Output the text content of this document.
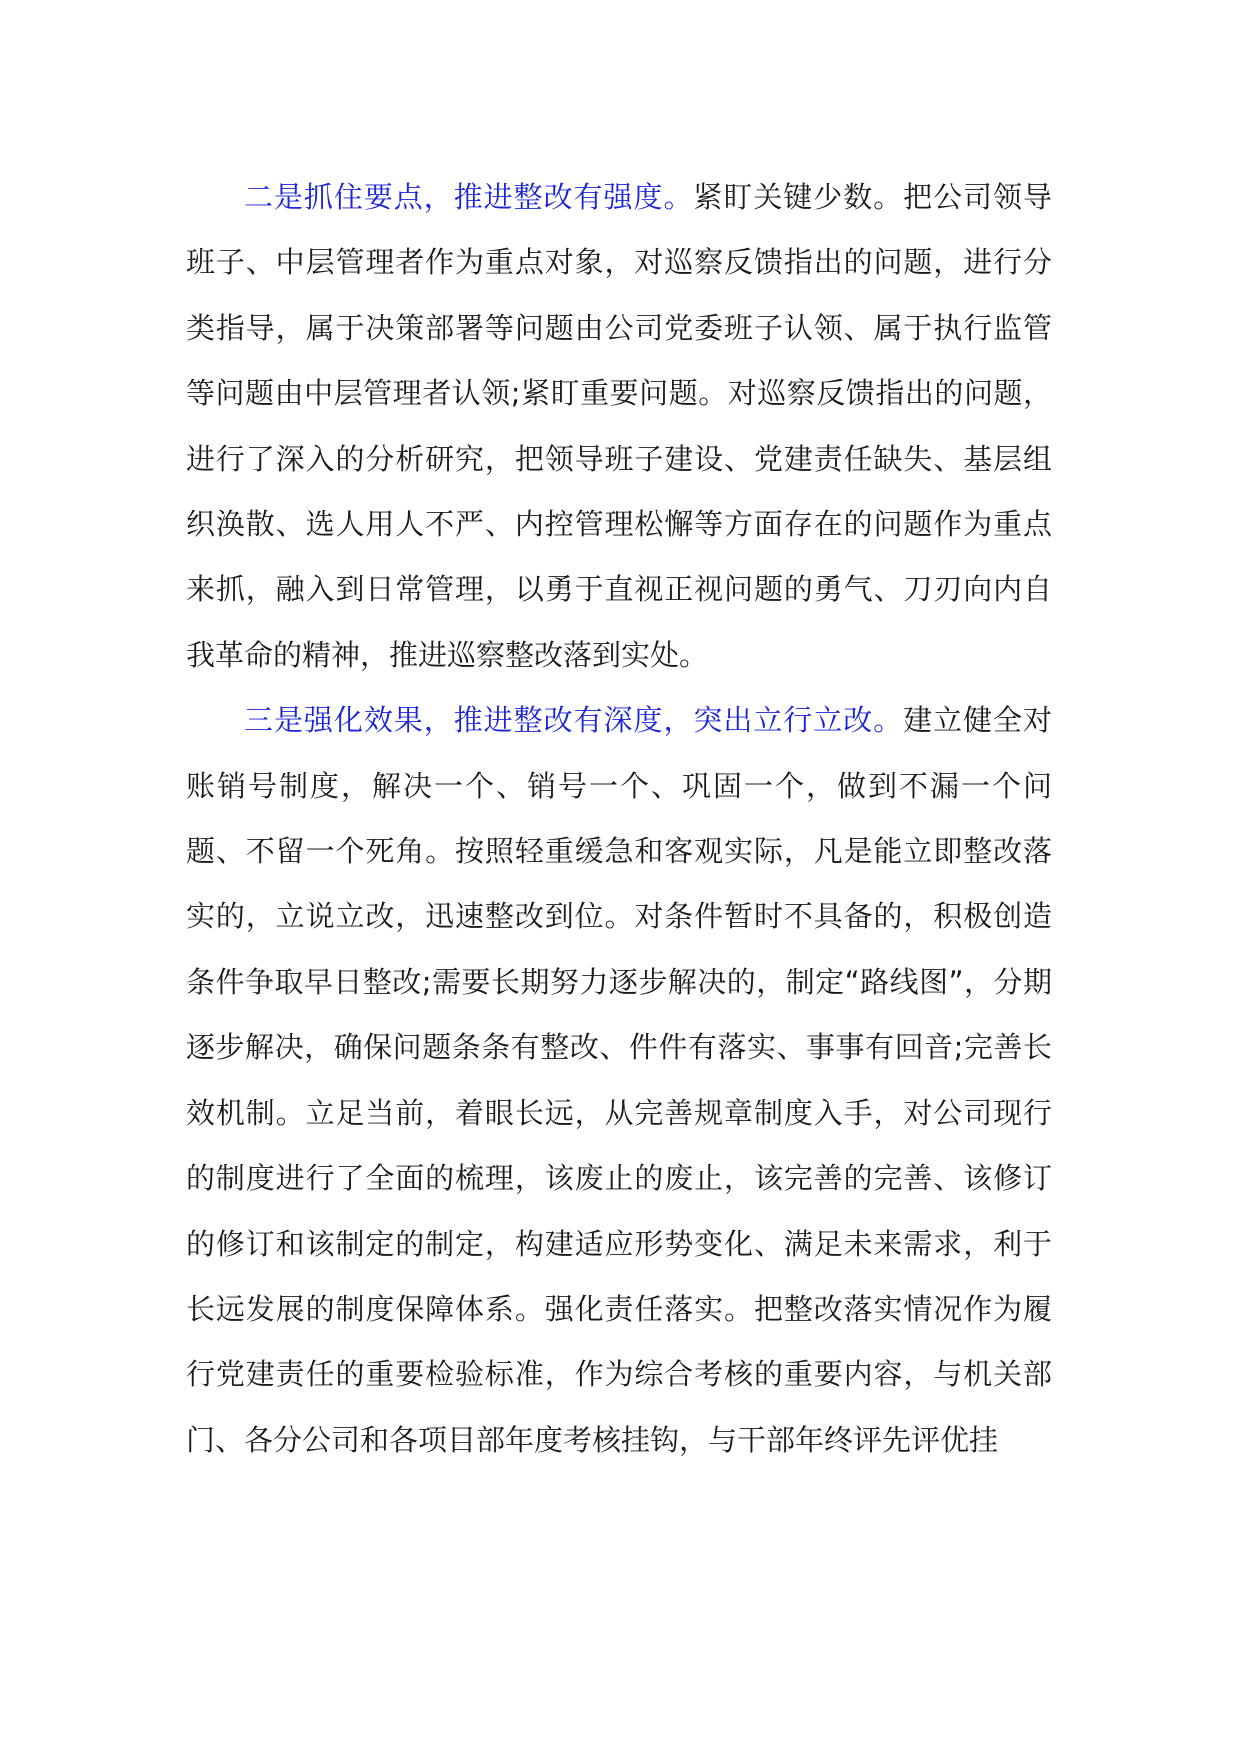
二是抓住要点，推进整改有强度。紧盯关键少数。把公司领导班子、中层管理者作为重点对象，对巡察反馈指出的问题，进行分类指导，属于决策部署等问题由公司党委班子认领、属于执行监管等问题由中层管理者认领;紧盯重要问题。对巡察反馈指出的问题，进行了深入的分析研究，把领导班子建设、党建责任缺失、基层组织涣散、选人用人不严、内控管理松懈等方面存在的问题作为重点来抓，融入到日常管理，以勇于直视正视问题的勇气、刀刃向内自我革命的精神，推进巡察整改落到实处。

三是强化效果，推进整改有深度，突出立行立改。建立健全对账销号制度，解决一个、销号一个、巩固一个，做到不漏一个问题、不留一个死角。按照轻重缓急和客观实际，凡是能立即整改落实的，立说立改，迅速整改到位。对条件暂时不具备的，积极创造条件争取早日整改;需要长期努力逐步解决的，制定“路线图”，分期逐步解决，确保问题条条有整改、件件有落实、事事有回音;完善长效机制。立足当前，着眼长远，从完善规章制度入手，对公司现行的制度进行了全面的梳理，该废止的废止，该完善的完善、该修订的修订和该制定的制定，构建适应形势变化、满足未来需求，利于长远发展的制度保障体系。强化责任落实。把整改落实情况作为履行党建责任的重要检验标准，作为综合考核的重要内容，与机关部门、各分公司和各项目部年度考核挂钩，与干部年终评先评优挂
